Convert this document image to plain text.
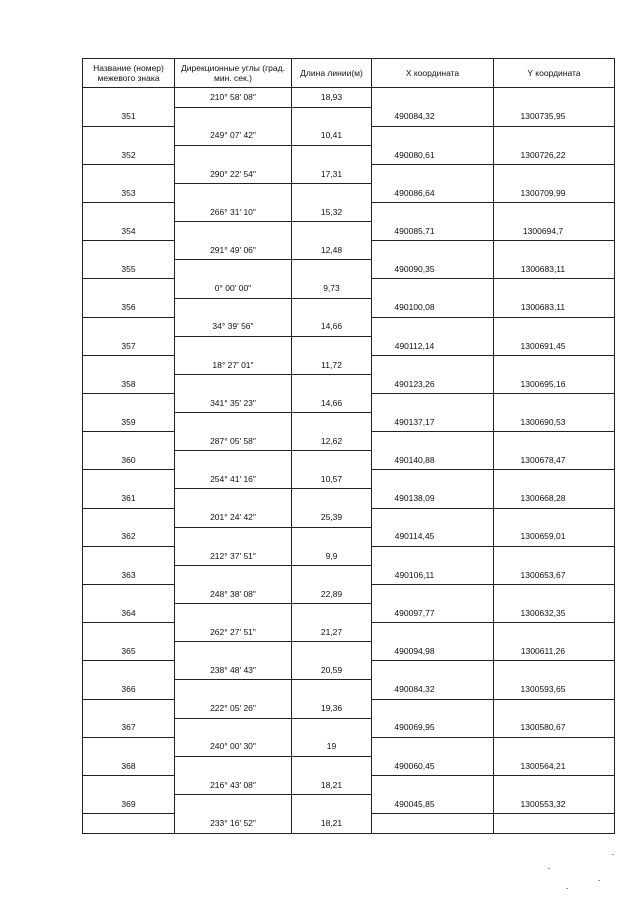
Название (номер) межевого знака	Дирекционные углы (град. мин. сек.)	Длина линии(м)	X координата	Y координата
	210° 58' 08"	18,93		
351			490084,32	1300735,95
	249° 07' 42"	10,41		
352			490080,61	1300726,22
	290° 22' 54"	17,31		
353			490086,64	1300709,99
	266° 31' 10"	15,32		
354			490085,71	1300694,7
	291° 49' 06"	12,48		
355			490090,35	1300683,11
	0° 00' 00"	9,73		
356			490100,08	1300683,11
	34° 39' 56"	14,66		
357			490112,14	1300691,45
	18° 27' 01"	11,72		
358			490123,26	1300695,16
	341° 35' 23"	14,66		
359			490137,17	1300690,53
	287° 05' 58"	12,62		
360			490140,88	1300678,47
	254° 41' 16"	10,57		
361			490138,09	1300668,28
	201° 24' 42"	25,39		
362			490114,45	1300659,01
	212° 37' 51"	9,9		
363			490106,11	1300653,67
	248° 38' 08"	22,89		
364			490097,77	1300632,35
	262° 27' 51"	21,27		
365			490094,98	1300611,26
	238° 48' 43"	20,59		
366			490084,32	1300593,65
	222° 05' 26"	19,36		
367			490069,95	1300580,67
	240° 00' 30"	19		
368			490060,45	1300564,21
	216° 43' 08"	18,21		
369			490045,85	1300553,32
	233° 16' 52"	18,21		
